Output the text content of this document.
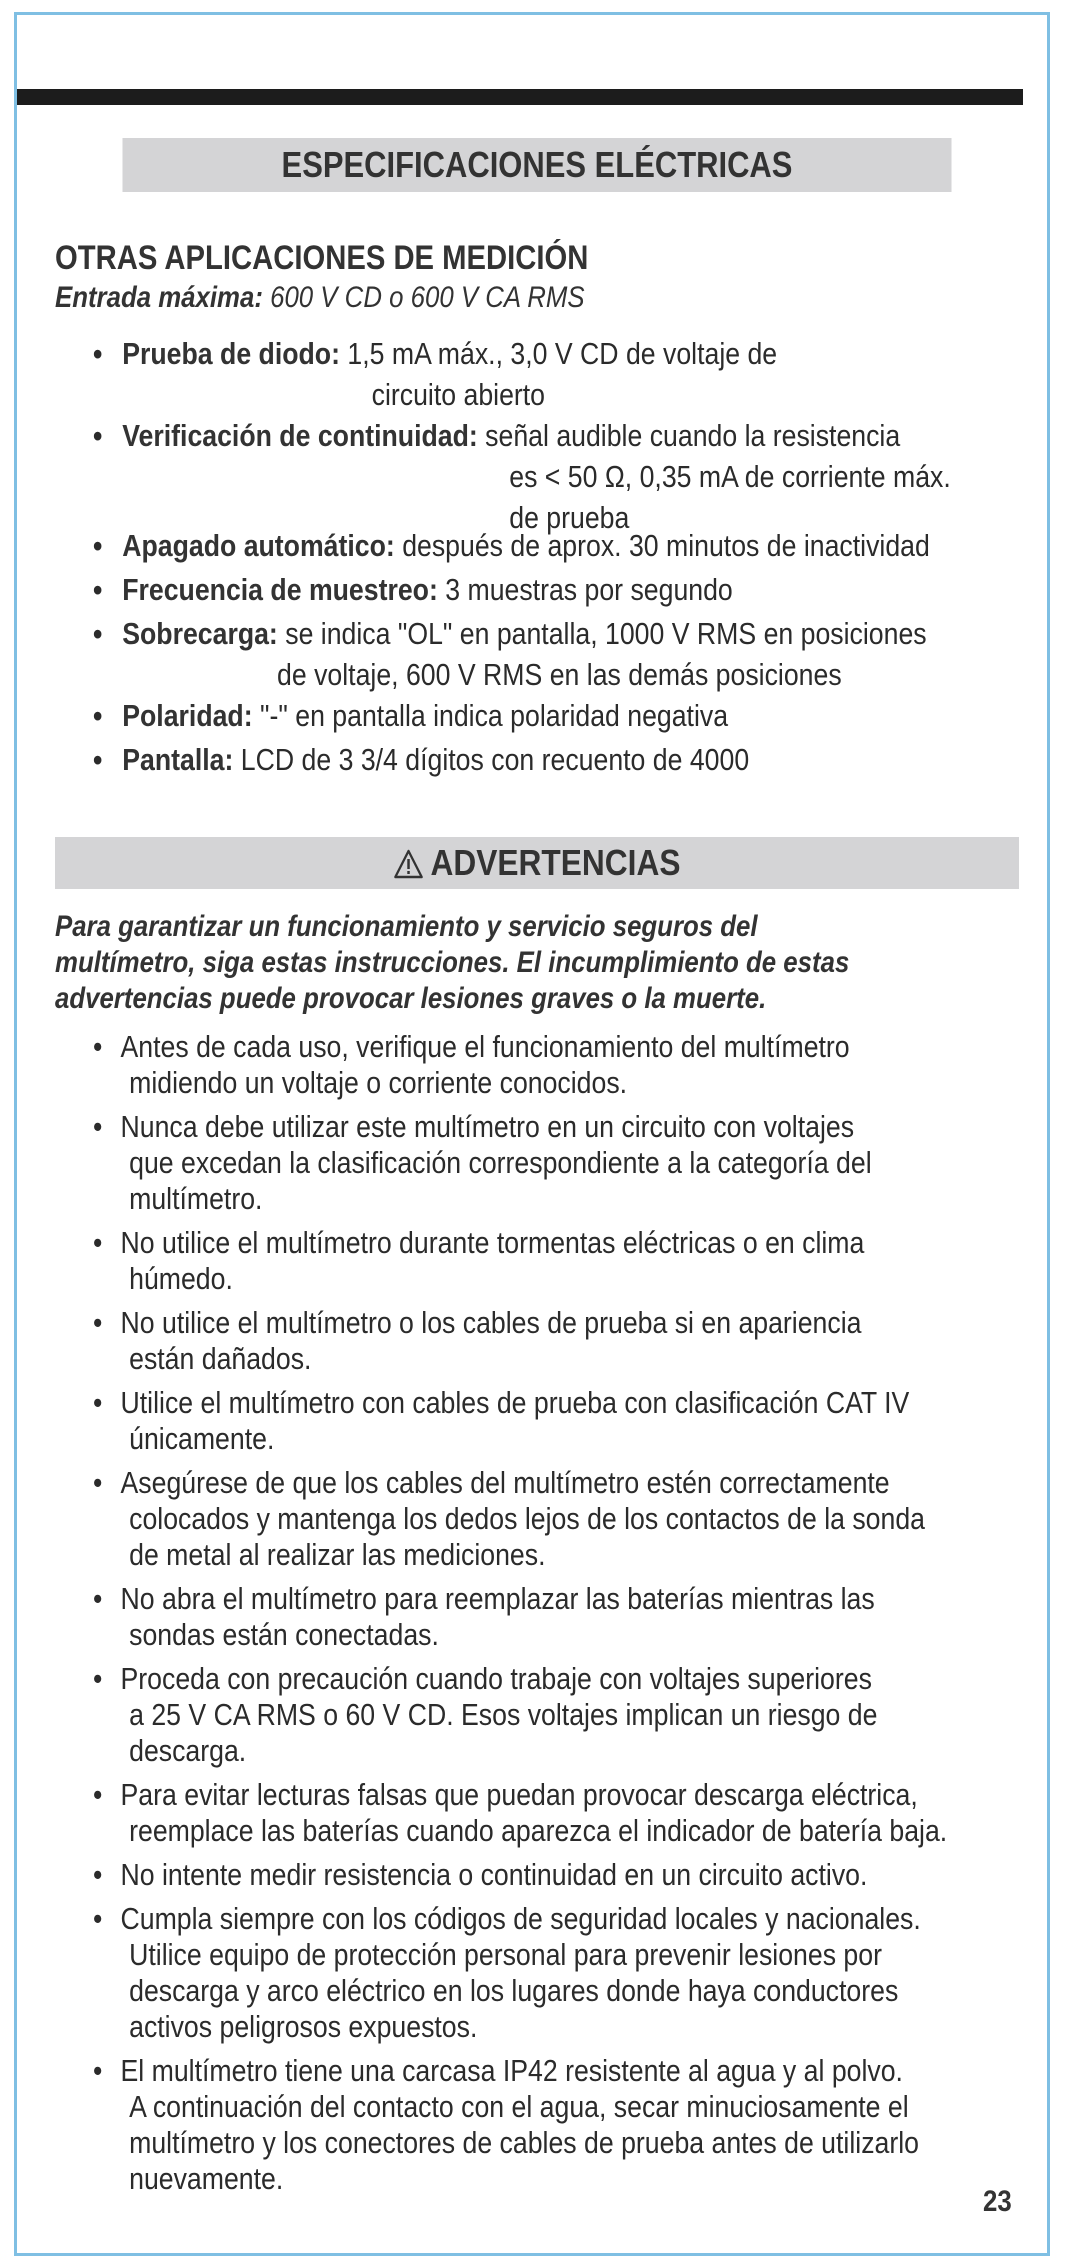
ESPECIFICACIONES ELÉCTRICAS
OTRAS APLICACIONES DE MEDICIÓN
Entrada máxima: 600 V CD o 600 V CA RMS
• Prueba de diodo: 1,5 mA máx., 3,0 V CD de voltaje de
circuito abierto
• Verificación de continuidad: señal audible cuando la resistencia
es < 50 Ω, 0,35 mA de corriente máx.
de prueba
• Apagado automático: después de aprox. 30 minutos de inactividad
• Frecuencia de muestreo: 3 muestras por segundo
• Sobrecarga: se indica "OL" en pantalla, 1000 V RMS en posiciones
de voltaje, 600 V RMS en las demás posiciones
• Polaridad: "-" en pantalla indica polaridad negativa
• Pantalla: LCD de 3 3/4 dígitos con recuento de 4000
ADVERTENCIAS
Para garantizar un funcionamiento y servicio seguros del
multímetro, siga estas instrucciones. El incumplimiento de estas
advertencias puede provocar lesiones graves o la muerte.
• Antes de cada uso, verifique el funcionamiento del multímetro
midiendo un voltaje o corriente conocidos.
• Nunca debe utilizar este multímetro en un circuito con voltajes
que excedan la clasificación correspondiente a la categoría del
multímetro.
• No utilice el multímetro durante tormentas eléctricas o en clima
húmedo.
• No utilice el multímetro o los cables de prueba si en apariencia
están dañados.
• Utilice el multímetro con cables de prueba con clasificación CAT IV
únicamente.
• Asegúrese de que los cables del multímetro estén correctamente
colocados y mantenga los dedos lejos de los contactos de la sonda
de metal al realizar las mediciones.
• No abra el multímetro para reemplazar las baterías mientras las
sondas están conectadas.
• Proceda con precaución cuando trabaje con voltajes superiores
a 25 V CA RMS o 60 V CD. Esos voltajes implican un riesgo de
descarga.
• Para evitar lecturas falsas que puedan provocar descarga eléctrica,
reemplace las baterías cuando aparezca el indicador de batería baja.
• No intente medir resistencia o continuidad en un circuito activo.
• Cumpla siempre con los códigos de seguridad locales y nacionales.
Utilice equipo de protección personal para prevenir lesiones por
descarga y arco eléctrico en los lugares donde haya conductores
activos peligrosos expuestos.
• El multímetro tiene una carcasa IP42 resistente al agua y al polvo.
A continuación del contacto con el agua, secar minuciosamente el
multímetro y los conectores de cables de prueba antes de utilizarlo
nuevamente.
23
